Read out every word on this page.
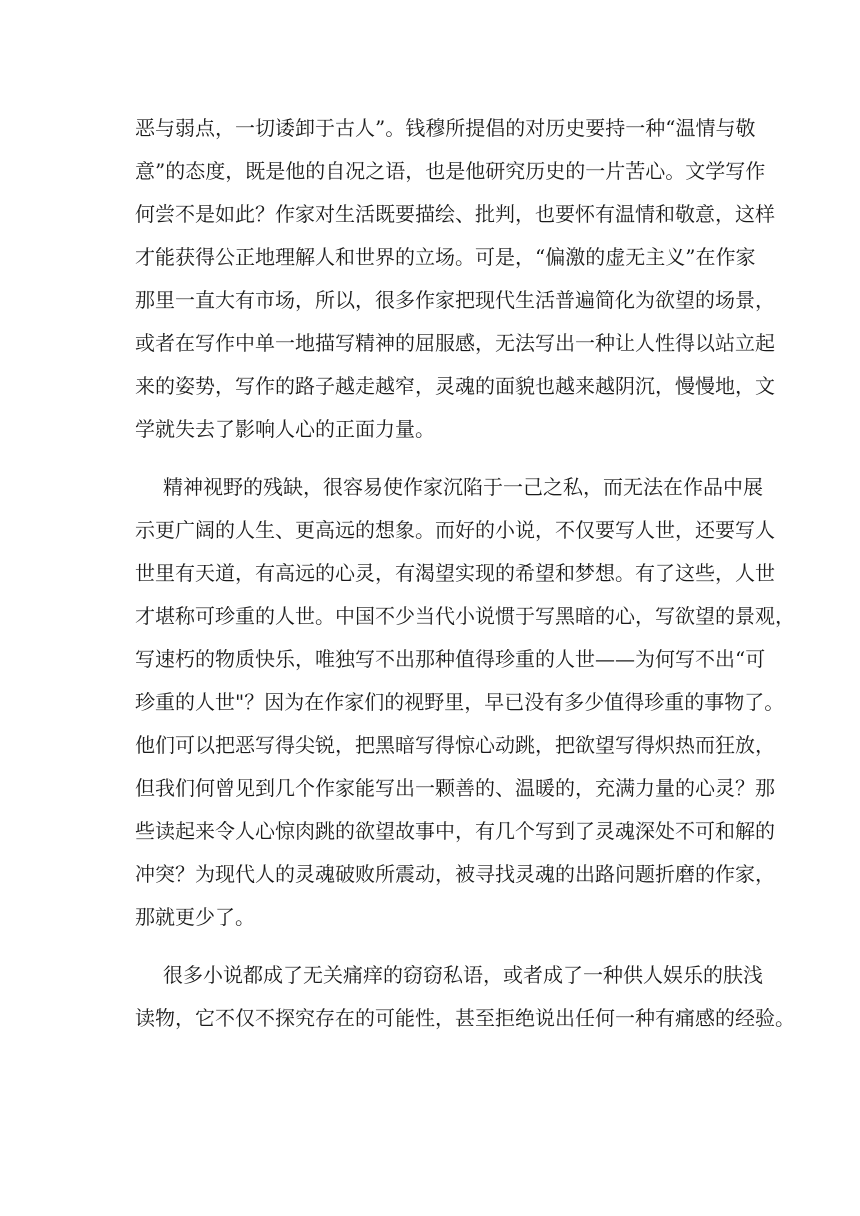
恶与弱点，一切诿卸于古人”。钱穆所提倡的对历史要持一种“温情与敬
意”的态度，既是他的自况之语，也是他研究历史的一片苦心。文学写作
何尝不是如此？作家对生活既要描绘、批判，也要怀有温情和敬意，这样
才能获得公正地理解人和世界的立场。可是，“偏激的虚无主义”在作家
那里一直大有市场，所以，很多作家把现代生活普遍简化为欲望的场景，
或者在写作中单一地描写精神的屈服感，无法写出一种让人性得以站立起
来的姿势，写作的路子越走越窄，灵魂的面貌也越来越阴沉，慢慢地，文
学就失去了影响人心的正面力量。
精神视野的残缺，很容易使作家沉陷于一己之私，而无法在作品中展
示更广阔的人生、更高远的想象。而好的小说，不仅要写人世，还要写人
世里有天道，有高远的心灵，有渴望实现的希望和梦想。有了这些，人世
才堪称可珍重的人世。中国不少当代小说惯于写黑暗的心，写欲望的景观，
写速朽的物质快乐，唯独写不出那种值得珍重的人世——为何写不出“可
珍重的人世"？因为在作家们的视野里，早已没有多少值得珍重的事物了。
他们可以把恶写得尖锐，把黑暗写得惊心动跳，把欲望写得炽热而狂放，
但我们何曾见到几个作家能写出一颗善的、温暖的，充满力量的心灵？那
些读起来令人心惊肉跳的欲望故事中，有几个写到了灵魂深处不可和解的
冲突？为现代人的灵魂破败所震动，被寻找灵魂的出路问题折磨的作家，
那就更少了。
很多小说都成了无关痛痒的窃窃私语，或者成了一种供人娱乐的肤浅
读物，它不仅不探究存在的可能性，甚至拒绝说出任何一种有痛感的经验。
